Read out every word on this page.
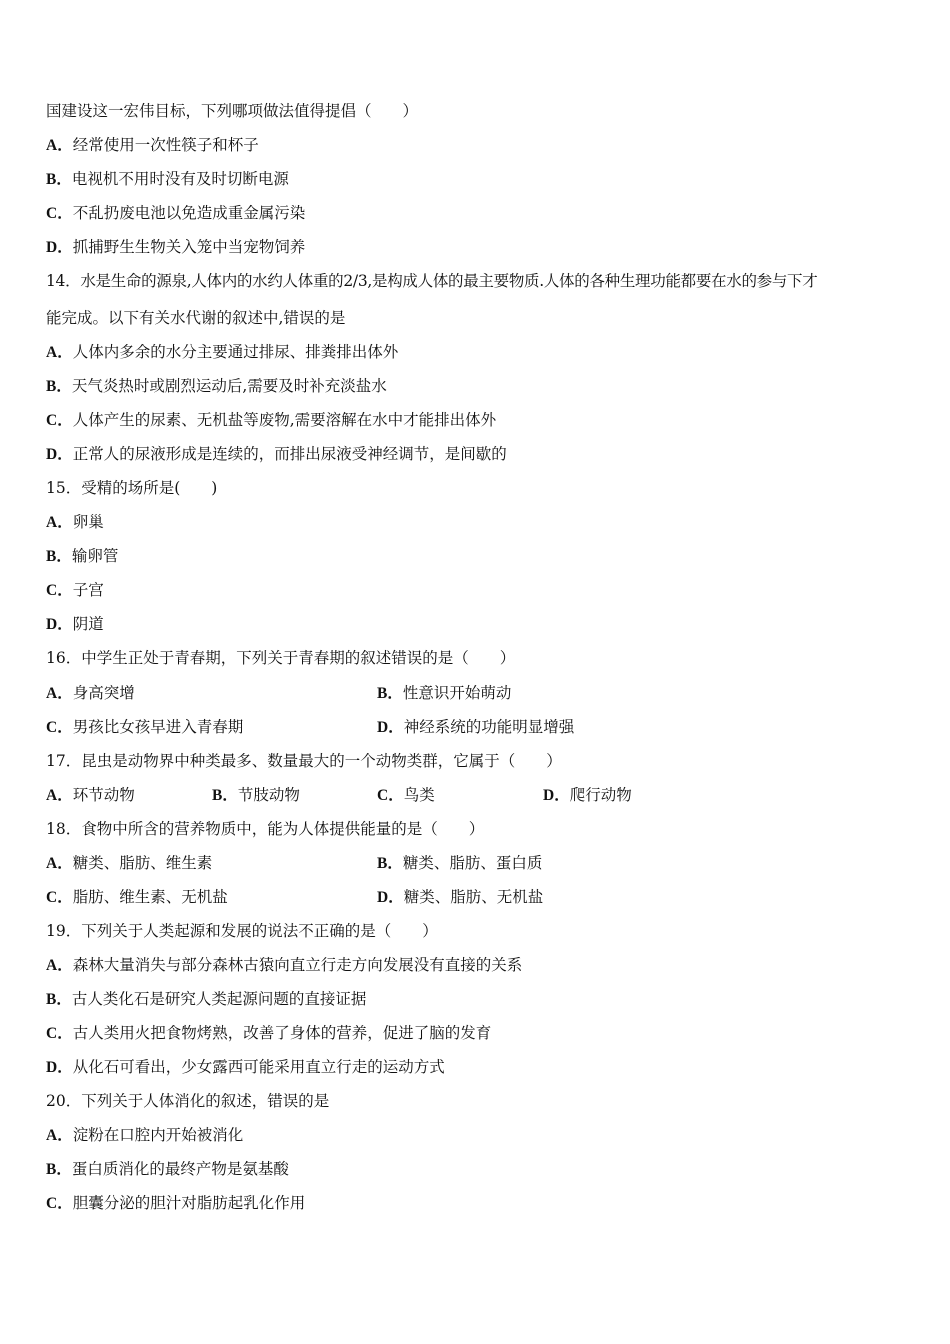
国建设这一宏伟目标，下列哪项做法值得提倡（　　）
A．经常使用一次性筷子和杯子
B．电视机不用时没有及时切断电源
C．不乱扔废电池以免造成重金属污染
D．抓捕野生生物关入笼中当宠物饲养
14．水是生命的源泉,人体内的水约人体重的2/3,是构成人体的最主要物质.人体的各种生理功能都要在水的参与下才
能完成。以下有关水代谢的叙述中,错误的是
A．人体内多余的水分主要通过排尿、排粪排出体外
B．天气炎热时或剧烈运动后,需要及时补充淡盐水
C．人体产生的尿素、无机盐等废物,需要溶解在水中才能排出体外
D．正常人的尿液形成是连续的，而排出尿液受神经调节，是间歇的
15．受精的场所是(　　)
A．卵巢
B．输卵管
C．子宫
D．阴道
16．中学生正处于青春期，下列关于青春期的叙述错误的是（　　）
A．身高突增	B．性意识开始萌动
C．男孩比女孩早进入青春期	D．神经系统的功能明显增强
17．昆虫是动物界中种类最多、数量最大的一个动物类群，它属于（　　）
A．环节动物	B．节肢动物	C．鸟类	D．爬行动物
18．食物中所含的营养物质中，能为人体提供能量的是（　　）
A．糖类、脂肪、维生素	B．糖类、脂肪、蛋白质
C．脂肪、维生素、无机盐	D．糖类、脂肪、无机盐
19．下列关于人类起源和发展的说法不正确的是（　　）
A．森林大量消失与部分森林古猿向直立行走方向发展没有直接的关系
B．古人类化石是研究人类起源问题的直接证据
C．古人类用火把食物烤熟，改善了身体的营养，促进了脑的发育
D．从化石可看出，少女露西可能采用直立行走的运动方式
20．下列关于人体消化的叙述，错误的是
A．淀粉在口腔内开始被消化
B．蛋白质消化的最终产物是氨基酸
C．胆囊分泌的胆汁对脂肪起乳化作用
